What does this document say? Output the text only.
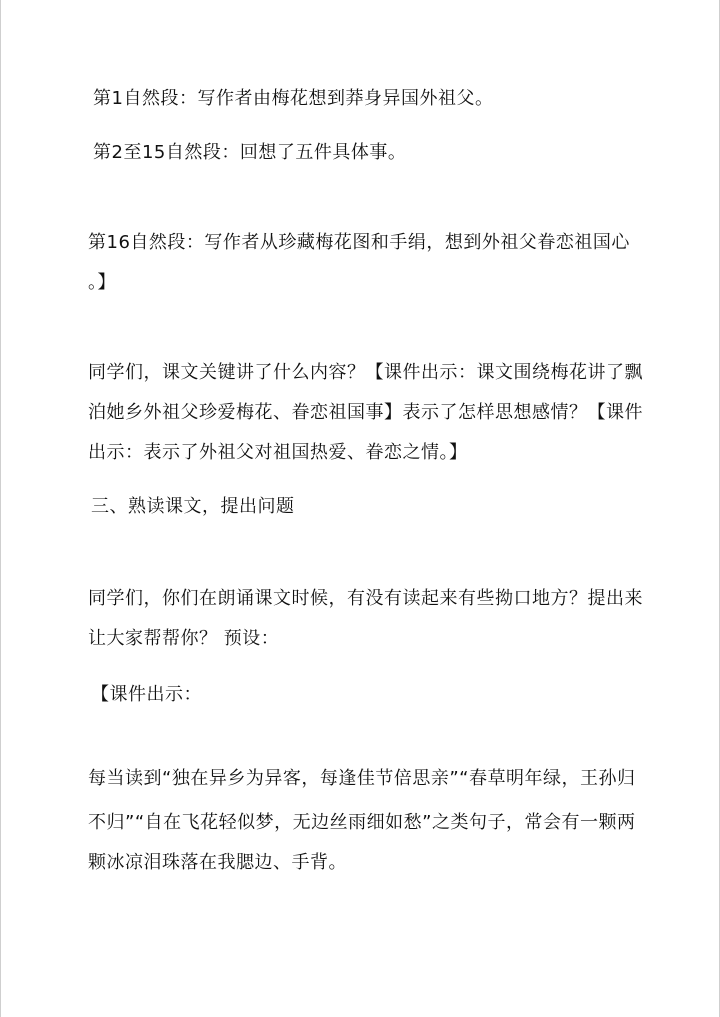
第1自然段：写作者由梅花想到莽身异国外祖父。
第2至15自然段：回想了五件具体事。
第16自然段：写作者从珍藏梅花图和手绢，想到外祖父眷恋祖国心
。】
同学们，课文关键讲了什么内容？【课件出示：课文围绕梅花讲了飘
泊她乡外祖父珍爱梅花、眷恋祖国事】表示了怎样思想感情？【课件
出示：表示了外祖父对祖国热爱、眷恋之情。】
三、熟读课文，提出问题
同学们，你们在朗诵课文时候，有没有读起来有些拗口地方？提出来
让大家帮帮你？ 预设：
【课件出示：
每当读到“独在异乡为异客，每逢佳节倍思亲”“春草明年绿，王孙归
不归”“自在飞花轻似梦，无边丝雨细如愁”之类句子，常会有一颗两
颗冰凉泪珠落在我腮边、手背。
